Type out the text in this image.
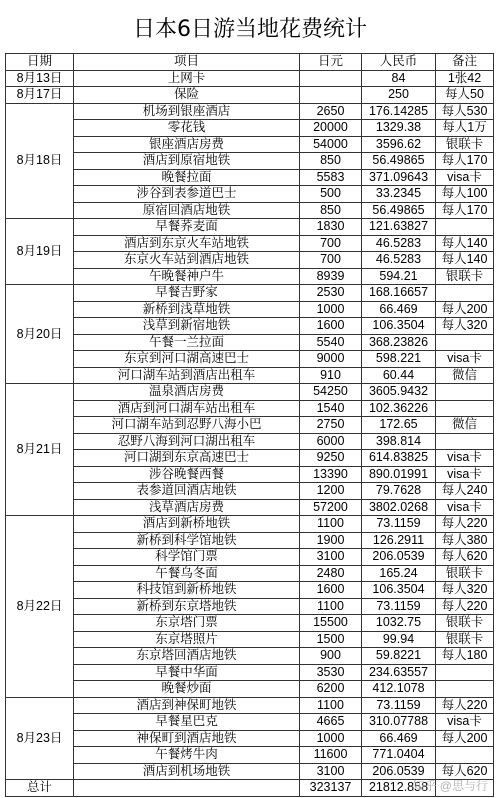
日本6日游当地花费统计
日期	项目	日元	人民币	备注
8月13日	上网卡		84	1张42
8月17日	保险		250	每人50
8月18日	机场到银座酒店	2650	176.14285	每人530
	零花钱	20000	1329.38	每人1万
	银座酒店房费	54000	3596.62	银联卡
	酒店到原宿地铁	850	56.49865	每人170
	晚餐拉面	5583	371.09643	visa卡
	涉谷到表参道巴士	500	33.2345	每人100
	原宿回酒店地铁	850	56.49865	每人170
8月19日	早餐荞麦面	1830	121.63827	
	酒店到东京火车站地铁	700	46.5283	每人140
	东京火车站到酒店地铁	700	46.5283	每人140
	午晚餐神户牛	8939	594.21	银联卡
8月20日	早餐吉野家	2530	168.16657	
	新桥到浅草地铁	1000	66.469	每人200
	浅草到新宿地铁	1600	106.3504	每人320
	午餐一兰拉面	5540	368.23826	
	东京到河口湖高速巴士	9000	598.221	visa卡
	河口湖车站到酒店出租车	910	60.44	微信
8月21日	温泉酒店房费	54250	3605.9432	
	酒店到河口湖车站出租车	1540	102.36226	
	河口湖车站到忍野八海小巴	2750	172.65	微信
	忍野八海到河口湖出租车	6000	398.814	
	河口湖到东京高速巴士	9250	614.83825	visa卡
	涉谷晚餐西餐	13390	890.01991	visa卡
	表参道回酒店地铁	1200	79.7628	每人240
	浅草酒店房费	57200	3802.0268	visa卡
8月22日	酒店到新桥地铁	1100	73.1159	每人220
	新桥到科学馆地铁	1900	126.2911	每人380
	科学馆门票	3100	206.0539	每人620
	午餐乌冬面	2480	165.24	银联卡
	科技馆到新桥地铁	1600	106.3504	每人320
	新桥到东京塔地铁	1100	73.1159	每人220
	东京塔门票	15500	1032.75	银联卡
	东京塔照片	1500	99.94	银联卡
	东京塔回酒店地铁	900	59.8221	每人180
	早餐中华面	3530	234.63557	
	晚餐炒面	6200	412.1078	
8月23日	酒店到神保町地铁	1100	73.1159	每人220
	早餐星巴克	4665	310.07788	visa卡
	神保町到酒店地铁	1000	66.469	每人200
	午餐烤牛肉	11600	771.0404	
	酒店到机场地铁	3100	206.0539	每人620
总计		323137	21812.858	
知乎 @思与行
